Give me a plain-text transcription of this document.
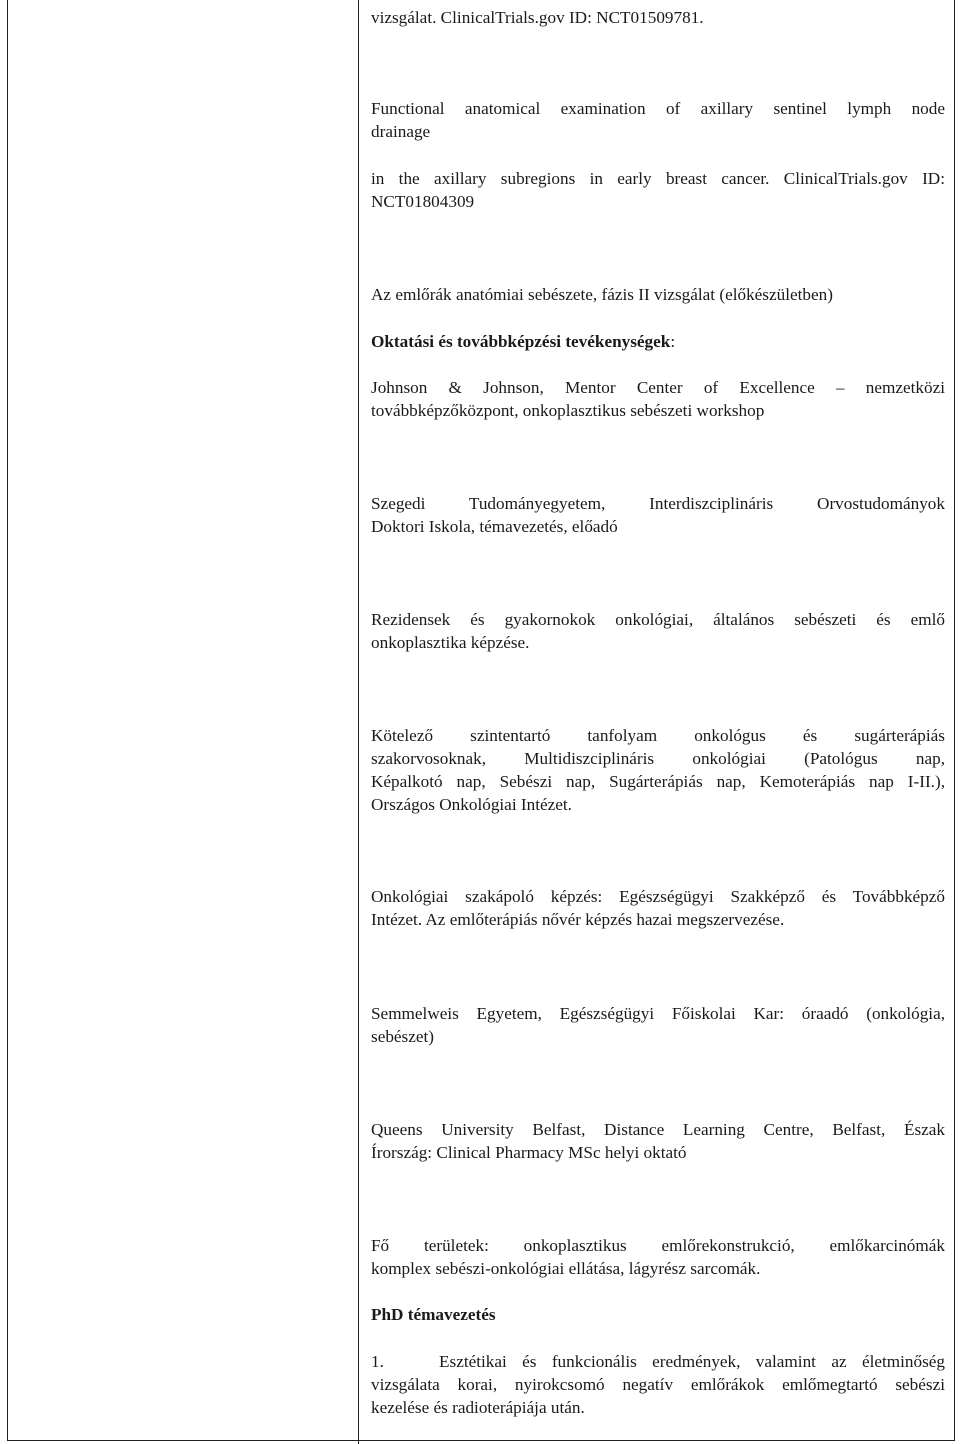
vizsgálat. ClinicalTrials.gov ID: NCT01509781.

Functional anatomical examination of axillary sentinel lymph node
drainage

in the axillary subregions in early breast cancer. ClinicalTrials.gov ID:
NCT01804309

Az emlőrák anatómiai sebészete, fázis II vizsgálat (előkészületben)

Oktatási és továbbképzési tevékenységek:

Johnson & Johnson, Mentor Center of Excellence – nemzetközi
továbbképzőközpont, onkoplasztikus sebészeti workshop

Szegedi Tudományegyetem, Interdiszciplináris Orvostudományok
Doktori Iskola, témavezetés, előadó

Rezidensek és gyakornokok onkológiai, általános sebészeti és emlő
onkoplasztika képzése.

Kötelező szintentartó tanfolyam onkológus és sugárterápiás
szakorvosoknak, Multidiszciplináris onkológiai (Patológus nap,
Képalkotó nap, Sebészi nap, Sugárterápiás nap, Kemoterápiás nap I-II.),
Országos Onkológiai Intézet.

Onkológiai szakápoló képzés: Egészségügyi Szakképző és Továbbképző
Intézet. Az emlőterápiás nővér képzés hazai megszervezése.

Semmelweis Egyetem, Egészségügyi Főiskolai Kar: óraadó (onkológia,
sebészet)

Queens University Belfast, Distance Learning Centre, Belfast, Észak
Írország: Clinical Pharmacy MSc helyi oktató

Fő területek: onkoplasztikus emlőrekonstrukció, emlőkarcinómák
komplex sebészi-onkológiai ellátása, lágyrész sarcomák.

PhD témavezetés

1.	Esztétikai és funkcionális eredmények, valamint az életminőség
vizsgálata korai, nyirokcsomó negatív emlőrákok emlőmegtartó sebészi
kezelése és radioterápiája után.
